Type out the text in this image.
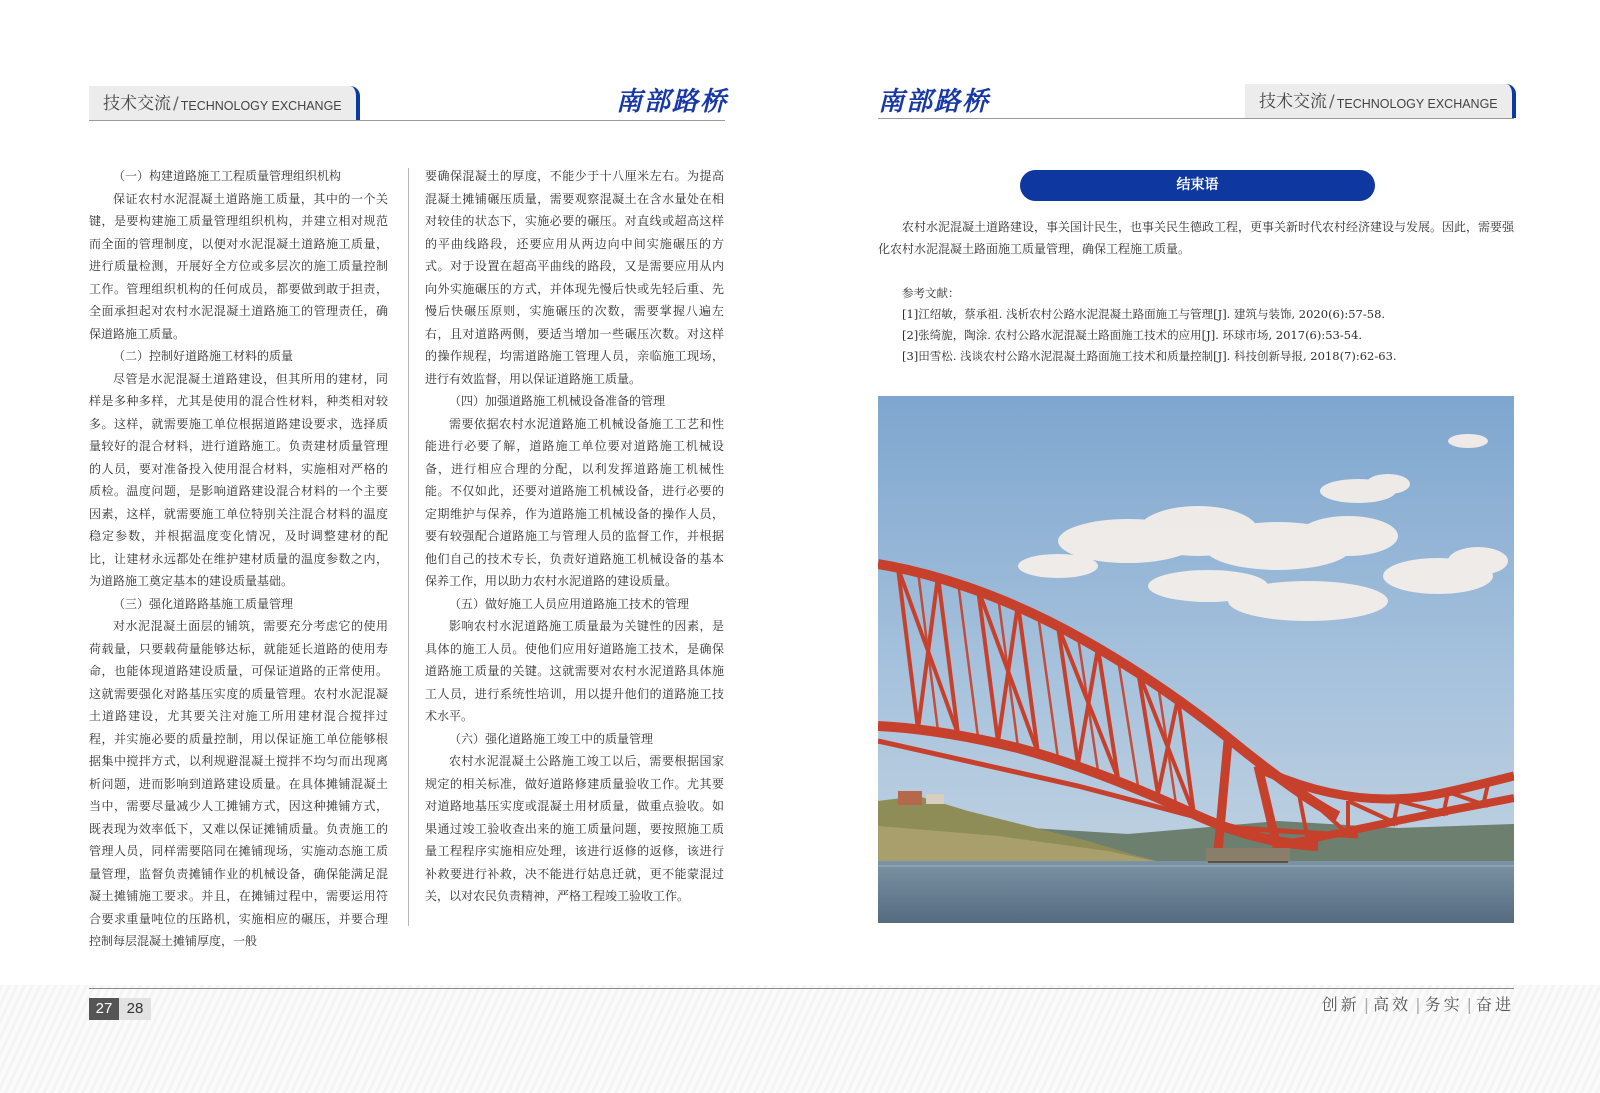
技术交流 / TECHNOLOGY EXCHANGE	南部路桥	南部路桥	技术交流 / TECHNOLOGY EXCHANGE

（一）构建道路施工工程质量管理组织机构

保证农村水泥混凝土道路施工质量，其中的一个关键，是要构建施工质量管理组织机构，并建立相对规范而全面的管理制度，以便对水泥混凝土道路施工质量，进行质量检测，开展好全方位或多层次的施工质量控制工作。管理组织机构的任何成员，都要做到敢于担责，全面承担起对农村水泥混凝土道路施工的管理责任，确保道路施工质量。

（二）控制好道路施工材料的质量

尽管是水泥混凝土道路建设，但其所用的建材，同样是多种多样，尤其是使用的混合性材料，种类相对较多。这样，就需要施工单位根据道路建设要求，选择质量较好的混合材料，进行道路施工。负责建材质量管理的人员，要对准备投入使用混合材料，实施相对严格的质检。温度问题，是影响道路建设混合材料的一个主要因素，这样，就需要施工单位特别关注混合材料的温度稳定参数，并根据温度变化情况，及时调整建材的配比，让建材永远都处在维护建材质量的温度参数之内，为道路施工奠定基本的建设质量基础。

（三）强化道路路基施工质量管理

对水泥混凝土面层的铺筑，需要充分考虑它的使用荷载量，只要载荷量能够达标，就能延长道路的使用寿命，也能体现道路建设质量，可保证道路的正常使用。这就需要强化对路基压实度的质量管理。农村水泥混凝土道路建设，尤其要关注对施工所用建材混合搅拌过程，并实施必要的质量控制，用以保证施工单位能够根据集中搅拌方式，以利规避混凝土搅拌不均匀而出现离析问题，进而影响到道路建设质量。在具体摊铺混凝土当中，需要尽量减少人工摊铺方式，因这种摊铺方式，既表现为效率低下，又难以保证摊铺质量。负责施工的管理人员，同样需要陪同在摊铺现场，实施动态施工质量管理，监督负责摊铺作业的机械设备，确保能满足混凝土摊铺施工要求。并且，在摊铺过程中，需要运用符合要求重量吨位的压路机，实施相应的碾压，并要合理控制每层混凝土摊铺厚度，一般

要确保混凝土的厚度，不能少于十八厘米左右。为提高混凝土摊铺碾压质量，需要观察混凝土在含水量处在相对较佳的状态下，实施必要的碾压。对直线或超高这样的平曲线路段，还要应用从两边向中间实施碾压的方式。对于设置在超高平曲线的路段，又是需要应用从内向外实施碾压的方式，并体现先慢后快或先轻后重、先慢后快碾压原则，实施碾压的次数，需要掌握八遍左右，且对道路两侧，要适当增加一些碾压次数。对这样的操作规程，均需道路施工管理人员，亲临施工现场，进行有效监督，用以保证道路施工质量。

（四）加强道路施工机械设备准备的管理

需要依据农村水泥道路施工机械设备施工工艺和性能进行必要了解，道路施工单位要对道路施工机械设备，进行相应合理的分配，以利发挥道路施工机械性能。不仅如此，还要对道路施工机械设备，进行必要的定期维护与保养，作为道路施工机械设备的操作人员，要有较强配合道路施工与管理人员的监督工作，并根据他们自己的技术专长，负责好道路施工机械设备的基本保养工作，用以助力农村水泥道路的建设质量。

（五）做好施工人员应用道路施工技术的管理

影响农村水泥道路施工质量最为关键性的因素，是具体的施工人员。使他们应用好道路施工技术，是确保道路施工质量的关键。这就需要对农村水泥道路具体施工人员，进行系统性培训，用以提升他们的道路施工技术水平。

（六）强化道路施工竣工中的质量管理

农村水泥混凝土公路施工竣工以后，需要根据国家规定的相关标准，做好道路修建质量验收工作。尤其要对道路地基压实度或混凝土用材质量，做重点验收。如果通过竣工验收查出来的施工质量问题，要按照施工质量工程程序实施相应处理，该进行返修的返修，该进行补救要进行补救，决不能进行姑息迁就，更不能蒙混过关，以对农民负责精神，严格工程竣工验收工作。

结束语

农村水泥混凝土道路建设，事关国计民生，也事关民生德政工程，更事关新时代农村经济建设与发展。因此，需要强化农村水泥混凝土路面施工质量管理，确保工程施工质量。

参考文献：
[1]江绍敏，蔡承祖. 浅析农村公路水泥混凝土路面施工与管理[J]. 建筑与装饰, 2020(6):57-58.
[2]张绮旎，陶涂. 农村公路水泥混凝土路面施工技术的应用[J]. 环球市场, 2017(6):53-54.
[3]田雪松. 浅谈农村公路水泥混凝土路面施工技术和质量控制[J]. 科技创新导报, 2018(7):62-63.
27 28	创新 | 高效 | 务实 | 奋进
